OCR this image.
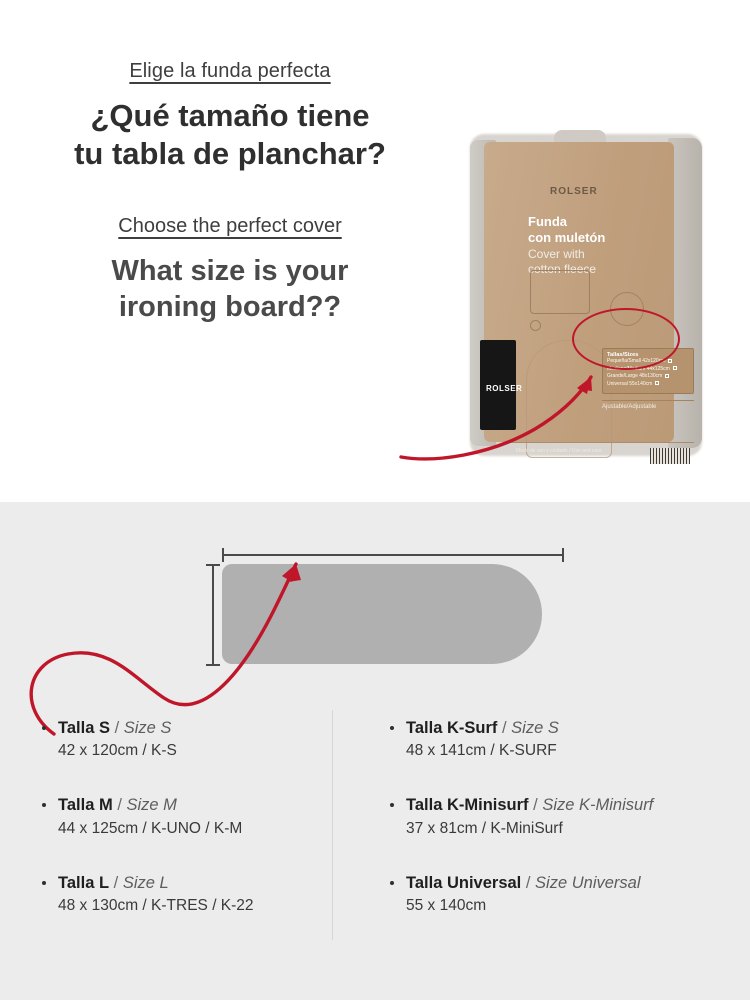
Elige la funda perfecta
¿Qué tamaño tiene
tu tabla de planchar?
Choose the perfect cover
What size is your
ironing board??
ROLSER
Funda
con muletón
Cover with
cotton fleece
Tallas/Sizes
Pequeña/Small 42x120cm
Mediana/Medium 44x125cm
Grande/Large 48x130cm
Universal 55x140cm
Ajustable/Adjustable
Modo de uso y cuidado / Use and care
ROLSER
Talla S / Size S
42 x 120cm / K-S
Talla K-Surf / Size S
48 x 141cm / K-SURF
Talla M / Size M
44 x 125cm / K-UNO / K-M
Talla K-Minisurf / Size K-Minisurf
37 x 81cm / K-MiniSurf
Talla L / Size L
48 x 130cm / K-TRES / K-22
Talla Universal / Size Universal
55 x 140cm
